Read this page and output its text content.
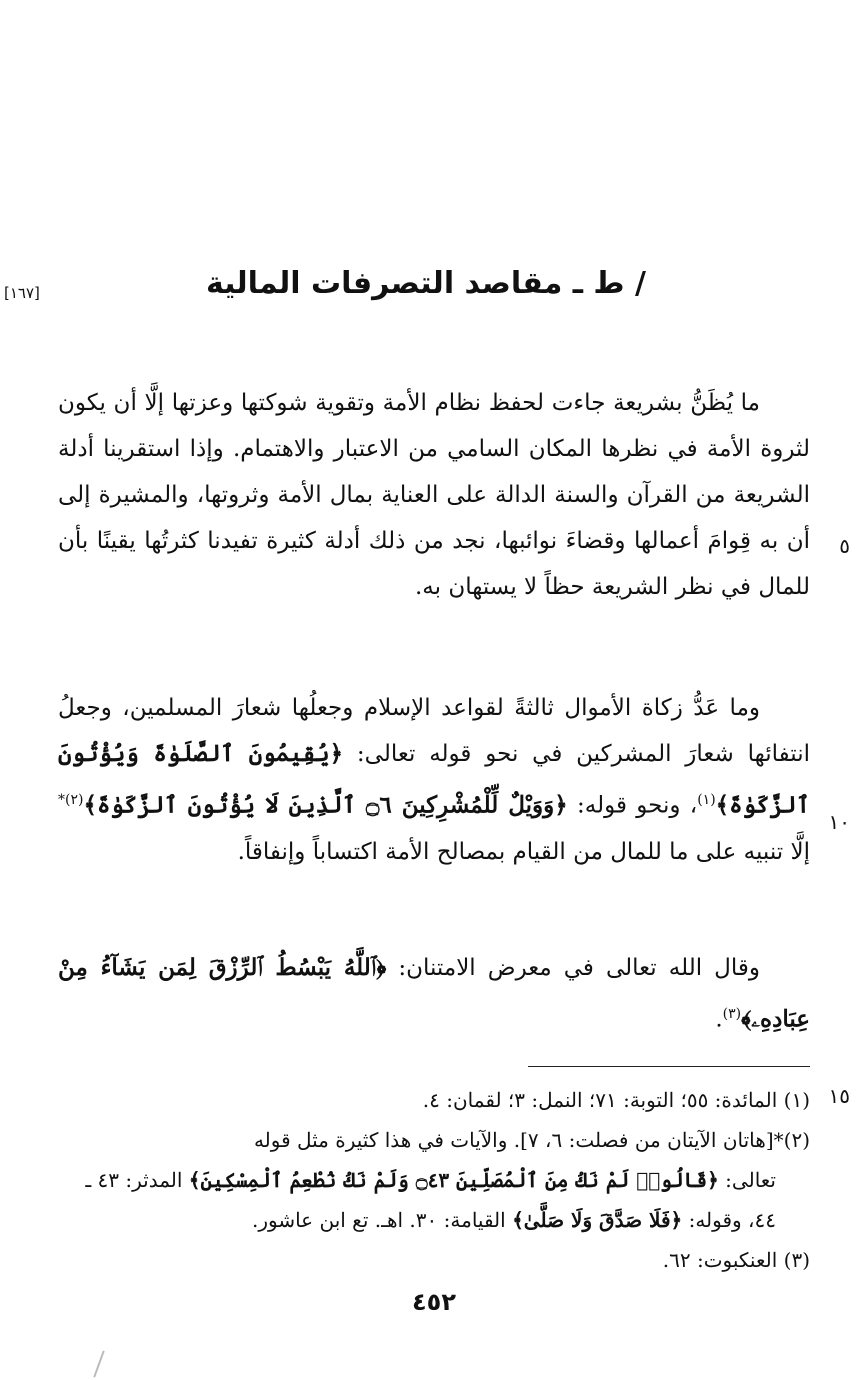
/ ط ـ مقاصد التصرفات المالية
[١٦٧]
ما يُظَنُّ بشريعة جاءت لحفظ نظام الأمة وتقوية شوكتها وعزتها إلَّا أن يكون لثروة الأمة في نظرها المكان السامي من الاعتبار والاهتمام. وإذا استقرينا أدلة الشريعة من القرآن والسنة الدالة على العناية بمال الأمة وثروتها، والمشيرة إلى أن به قِوامَ أعمالها وقضاءَ نوائبها، نجد من ذلك أدلة كثيرة تفيدنا كثرتُها يقينًا بأن للمال في نظر الشريعة حظاً لا يستهان به.
وما عَدُّ زكاة الأموال ثالثةً لقواعد الإسلام وجعلُها شعارَ المسلمين، وجعلُ انتفائها شعارَ المشركين في نحو قوله تعالى: ﴿يُقِيمُونَ ٱلصَّلَوٰةَ وَيُؤْتُونَ ٱلزَّكَوٰةَ﴾$^{(١)}$، ونحو قوله: ﴿وَوَيْلٌ لِّلْمُشْرِكِينَ ۝٦ ٱلَّذِينَ لَا يُؤْتُونَ ٱلزَّكَوٰةَ﴾$^{(٢)*}$ إلَّا تنبيه على ما للمال من القيام بمصالح الأمة اكتساباً وإنفاقاً.
وقال الله تعالى في معرض الامتنان: ﴿ٱللَّهُ يَبْسُطُ ٱلرِّزْقَ لِمَن يَشَآءُ مِنْ عِبَادِهِۦ﴾$^{(٣)}$.
٥
١٠
١٥

(١) المائدة: ٥٥؛ التوبة: ٧١؛ النمل: ٣؛ لقمان: ٤.

(٢)*[هاتان الآيتان من فصلت: ٦، ٧]. والآيات في هذا كثيرة مثل قوله

تعالى: ﴿قَالُوا۟ لَمْ نَكُ مِنَ ٱلْمُصَلِّينَ ۝٤٣ وَلَمْ نَكُ نُطْعِمُ ٱلْمِسْكِينَ﴾ المدثر: ٤٣ ـ

٤٤، وقوله: ﴿فَلَا صَدَّقَ وَلَا صَلَّىٰ﴾ القيامة: ٣٠. اهـ. تع ابن عاشور.

(٣) العنكبوت: ٦٢.

٤٥٢
